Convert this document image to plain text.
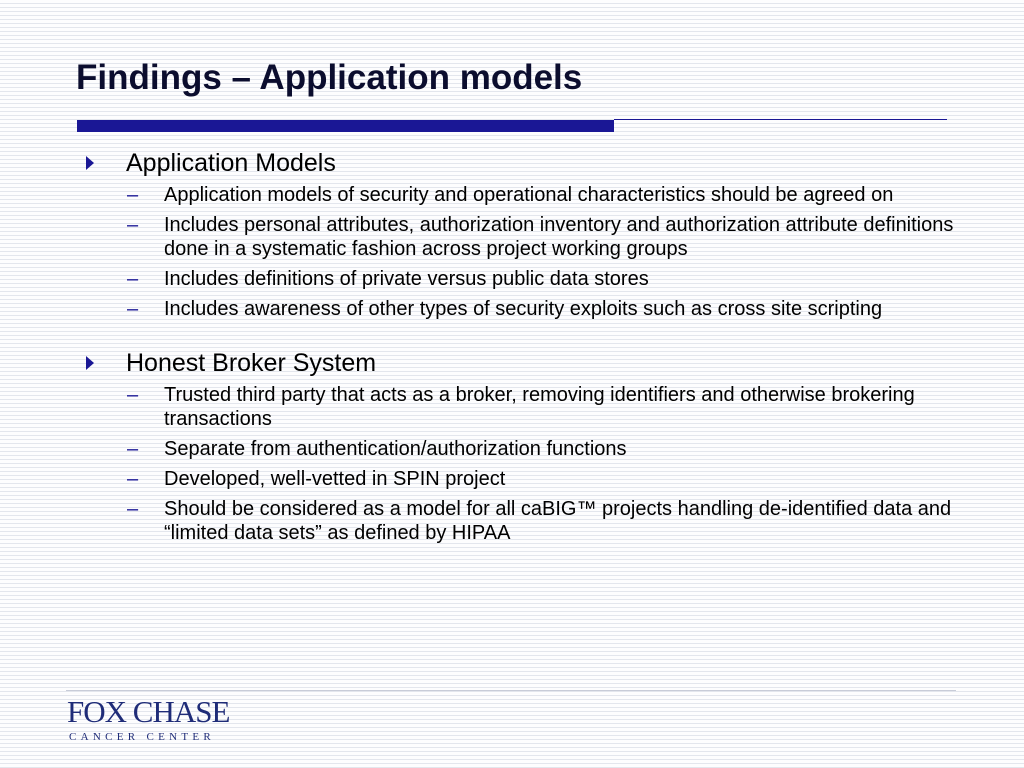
Findings – Application models
Application Models
– Application models of security and operational characteristics should be agreed on
– Includes personal attributes, authorization inventory and authorization attribute definitions done in a systematic fashion across project working groups
– Includes definitions of private versus public data stores
– Includes awareness of other types of security exploits such as cross site scripting
Honest Broker System
– Trusted third party that acts as a broker, removing identifiers and otherwise brokering transactions
– Separate from authentication/authorization functions
– Developed, well-vetted in SPIN project
– Should be considered as a model for all caBIG™ projects handling de-identified data and “limited data sets” as defined by HIPAA
FOX CHASE
CANCER CENTER
